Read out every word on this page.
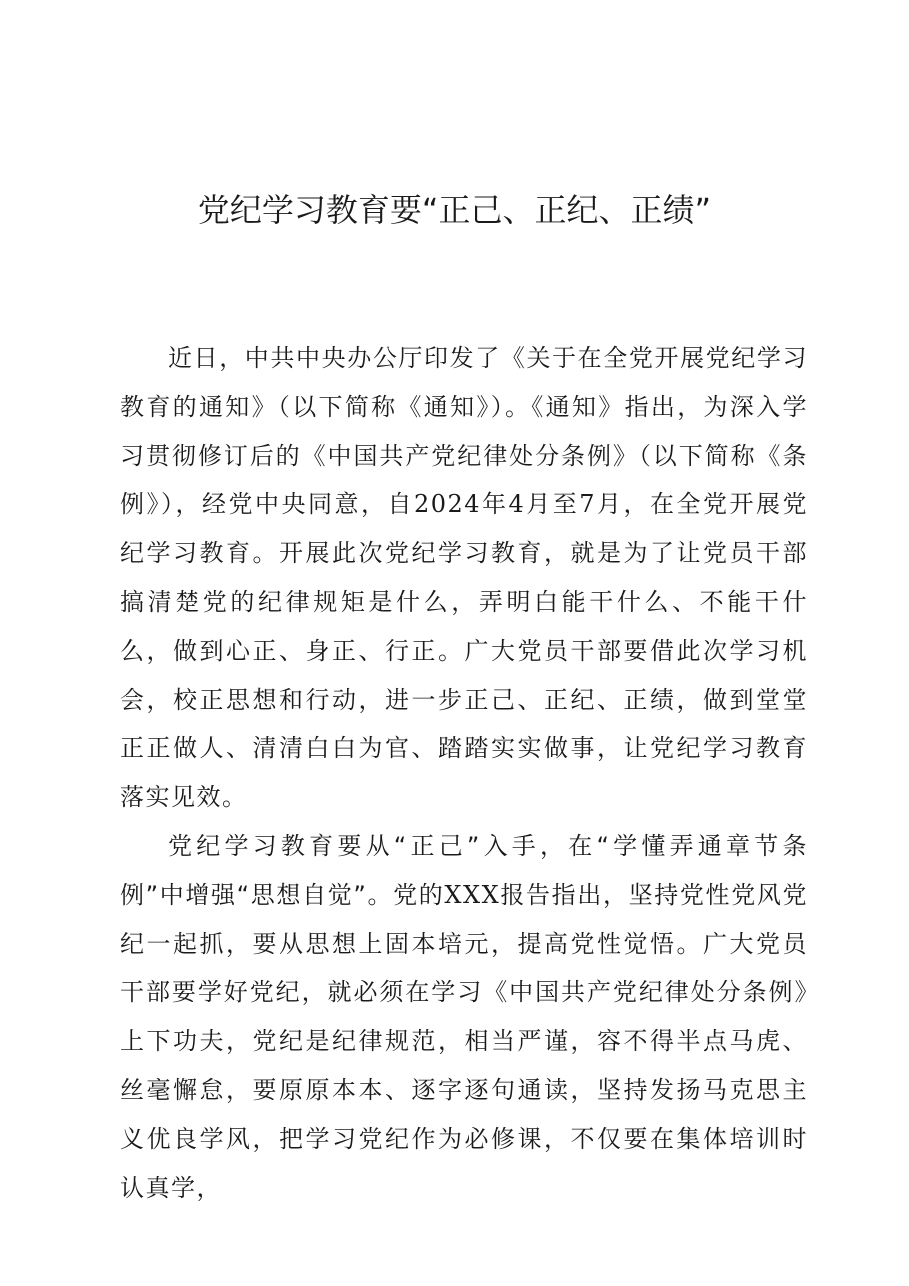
党纪学习教育要“正己、正纪、正绩”

近日，中共中央办公厅印发了《关于在全党开展党纪学习教育的通知》（以下简称《通知》）。《通知》指出，为深入学习贯彻修订后的《中国共产党纪律处分条例》（以下简称《条例》），经党中央同意，自2024年4月至7月，在全党开展党纪学习教育。开展此次党纪学习教育，就是为了让党员干部搞清楚党的纪律规矩是什么，弄明白能干什么、不能干什么，做到心正、身正、行正。广大党员干部要借此次学习机会，校正思想和行动，进一步正己、正纪、正绩，做到堂堂正正做人、清清白白为官、踏踏实实做事，让党纪学习教育落实见效。

党纪学习教育要从“正己”入手，在“学懂弄通章节条例”中增强“思想自觉”。党的XXX报告指出，坚持党性党风党纪一起抓，要从思想上固本培元，提高党性觉悟。广大党员干部要学好党纪，就必须在学习《中国共产党纪律处分条例》上下功夫，党纪是纪律规范，相当严谨，容不得半点马虎、丝毫懈怠，要原原本本、逐字逐句通读，坚持发扬马克思主义优良学风，把学习党纪作为必修课，不仅要在集体培训时认真学，
